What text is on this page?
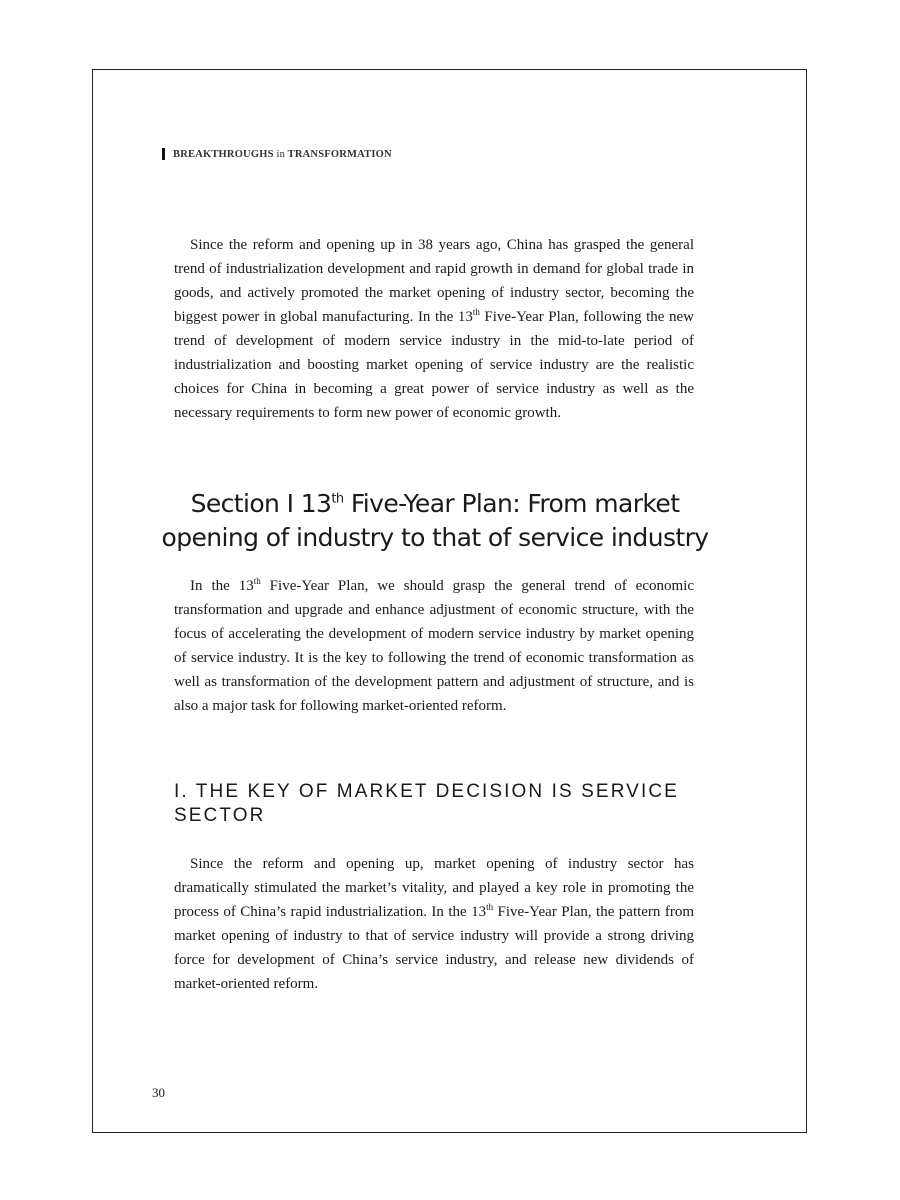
BREAKTHROUGHS in TRANSFORMATION

Since the reform and opening up in 38 years ago, China has grasped the general trend of industrialization development and rapid growth in demand for global trade in goods, and actively promoted the market opening of industry sector, becoming the biggest power in global manufacturing. In the 13th Five-Year Plan, following the new trend of development of modern service industry in the mid-to-late period of industrialization and boosting market opening of service industry are the realistic choices for China in becoming a great power of service industry as well as the necessary requirements to form new power of economic growth.

Section I 13th Five-Year Plan: From market opening of industry to that of service industry

In the 13th Five-Year Plan, we should grasp the general trend of economic transformation and upgrade and enhance adjustment of economic structure, with the focus of accelerating the development of modern service industry by market opening of service industry. It is the key to following the trend of economic transformation as well as transformation of the development pattern and adjustment of structure, and is also a major task for following market-oriented reform.

I. THE KEY OF MARKET DECISION IS SERVICE SECTOR

Since the reform and opening up, market opening of industry sector has dramatically stimulated the market’s vitality, and played a key role in promoting the process of China’s rapid industrialization. In the 13th Five-Year Plan, the pattern from market opening of industry to that of service industry will provide a strong driving force for development of China’s service industry, and release new dividends of market-oriented reform.

30
